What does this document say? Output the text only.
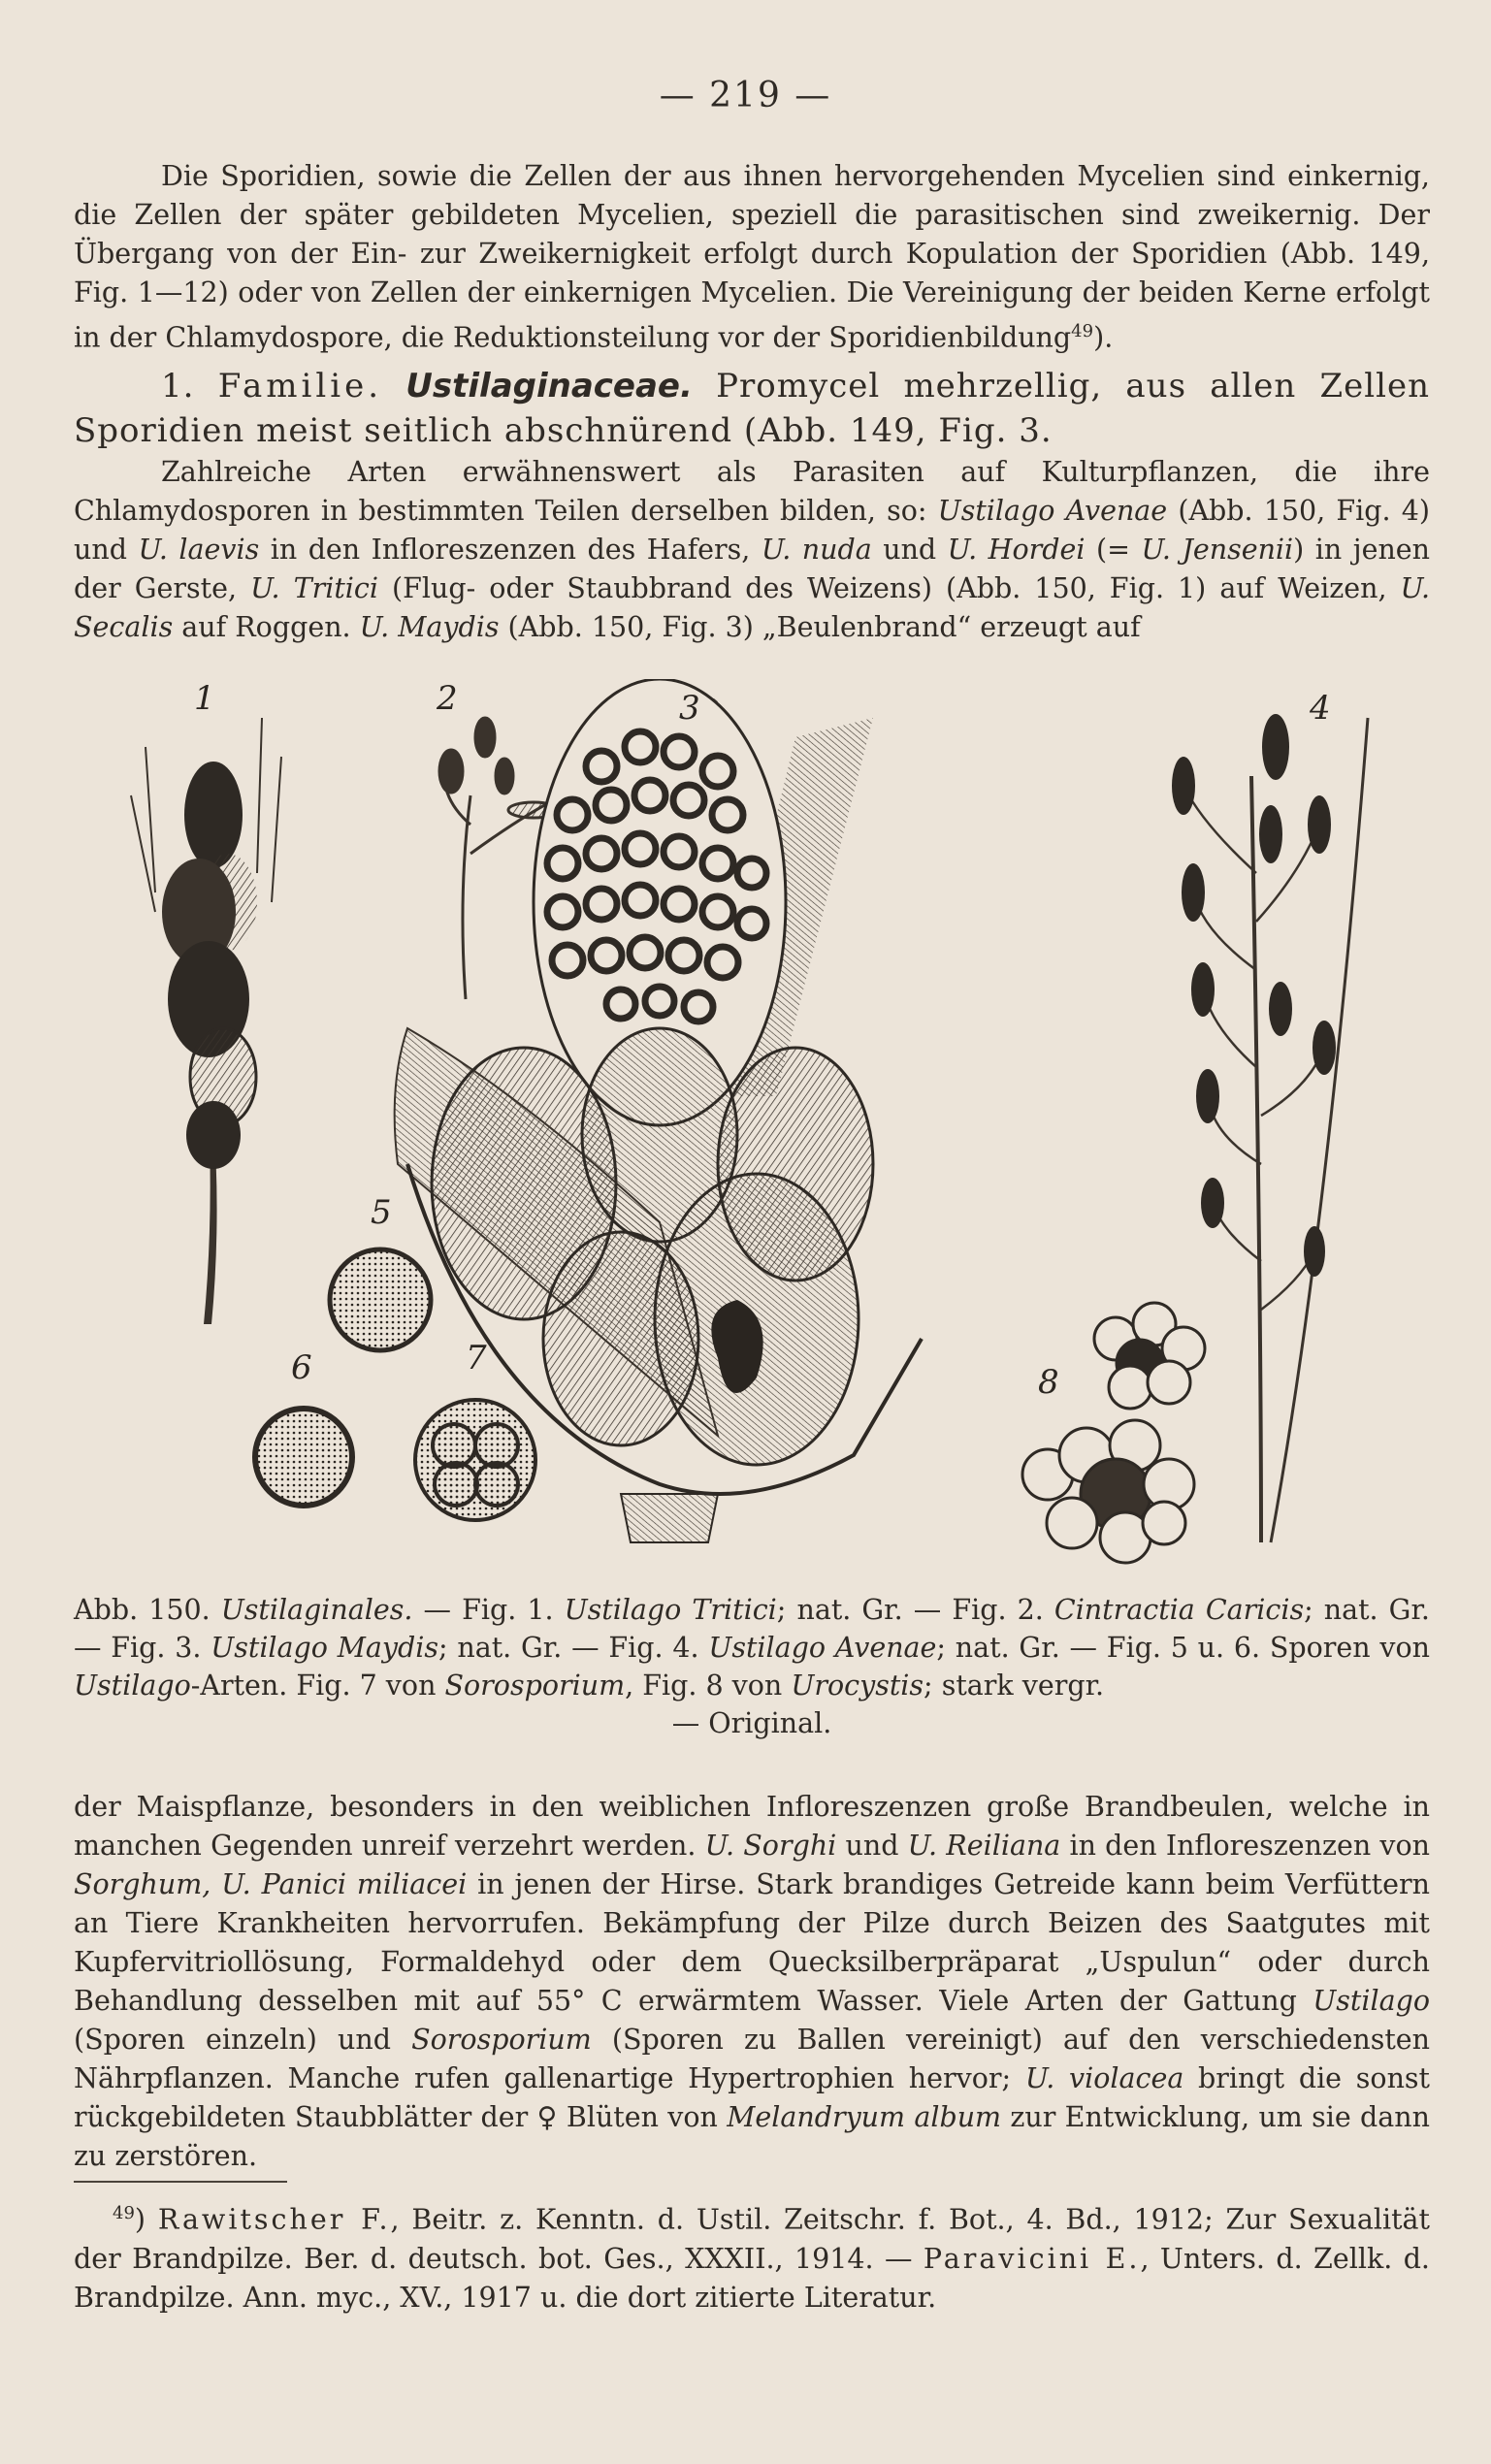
— 219 —

Die Sporidien, sowie die Zellen der aus ihnen hervorgehenden Mycelien sind einkernig, die Zellen der später gebildeten Mycelien, speziell die parasitischen sind zweikernig. Der Übergang von der Ein- zur Zweikernigkeit erfolgt durch Kopulation der Sporidien (Abb. 149, Fig. 1—12) oder von Zellen der einkernigen Mycelien. Die Vereinigung der beiden Kerne erfolgt in der Chlamydospore, die Reduktionsteilung vor der Sporidienbildung$^{49}$).

1. Familie. Ustilaginaceae. Promycel mehrzellig, aus allen Zellen Sporidien meist seitlich abschnürend (Abb. 149, Fig. 3.

Zahlreiche Arten erwähnenswert als Parasiten auf Kulturpflanzen, die ihre Chlamydosporen in bestimmten Teilen derselben bilden, so: Ustilago Avenae (Abb. 150, Fig. 4) und U. laevis in den Infloreszenzen des Hafers, U. nuda und U. Hordei (= U. Jensenii) in jenen der Gerste, U. Tritici (Flug- oder Staubbrand des Weizens) (Abb. 150, Fig. 1) auf Weizen, U. Secalis auf Roggen. U. Maydis (Abb. 150, Fig. 3) „Beulenbrand“ erzeugt auf

1	2	3	4
5
6	7
8
Abb. 150. Ustilaginales. — Fig. 1. Ustilago Tritici; nat. Gr. — Fig. 2. Cintractia Caricis; nat. Gr. — Fig. 3. Ustilago Maydis; nat. Gr. — Fig. 4. Ustilago Avenae; nat. Gr. — Fig. 5 u. 6. Sporen von Ustilago-Arten. Fig. 7 von Sorosporium, Fig. 8 von Urocystis; stark vergr.
— Original.

der Maispflanze, besonders in den weiblichen Infloreszenzen große Brandbeulen, welche in manchen Gegenden unreif verzehrt werden. U. Sorghi und U. Reiliana in den Infloreszenzen von Sorghum, U. Panici miliacei in jenen der Hirse. Stark brandiges Getreide kann beim Verfüttern an Tiere Krankheiten hervorrufen. Bekämpfung der Pilze durch Beizen des Saatgutes mit Kupfervitriollösung, Formaldehyd oder dem Quecksilberpräparat „Uspulun“ oder durch Behandlung desselben mit auf 55° C erwärmtem Wasser. Viele Arten der Gattung Ustilago (Sporen einzeln) und Sorosporium (Sporen zu Ballen vereinigt) auf den verschiedensten Nährpflanzen. Manche rufen gallenartige Hypertrophien hervor; U. violacea bringt die sonst rückgebildeten Staubblätter der ♀ Blüten von Melandryum album zur Entwicklung, um sie dann zu zerstören.

$^{49}$) Rawitscher F., Beitr. z. Kenntn. d. Ustil. Zeitschr. f. Bot., 4. Bd., 1912; Zur Sexualität der Brandpilze. Ber. d. deutsch. bot. Ges., XXXII., 1914. — Paravicini E., Unters. d. Zellk. d. Brandpilze. Ann. myc., XV., 1917 u. die dort zitierte Literatur.
